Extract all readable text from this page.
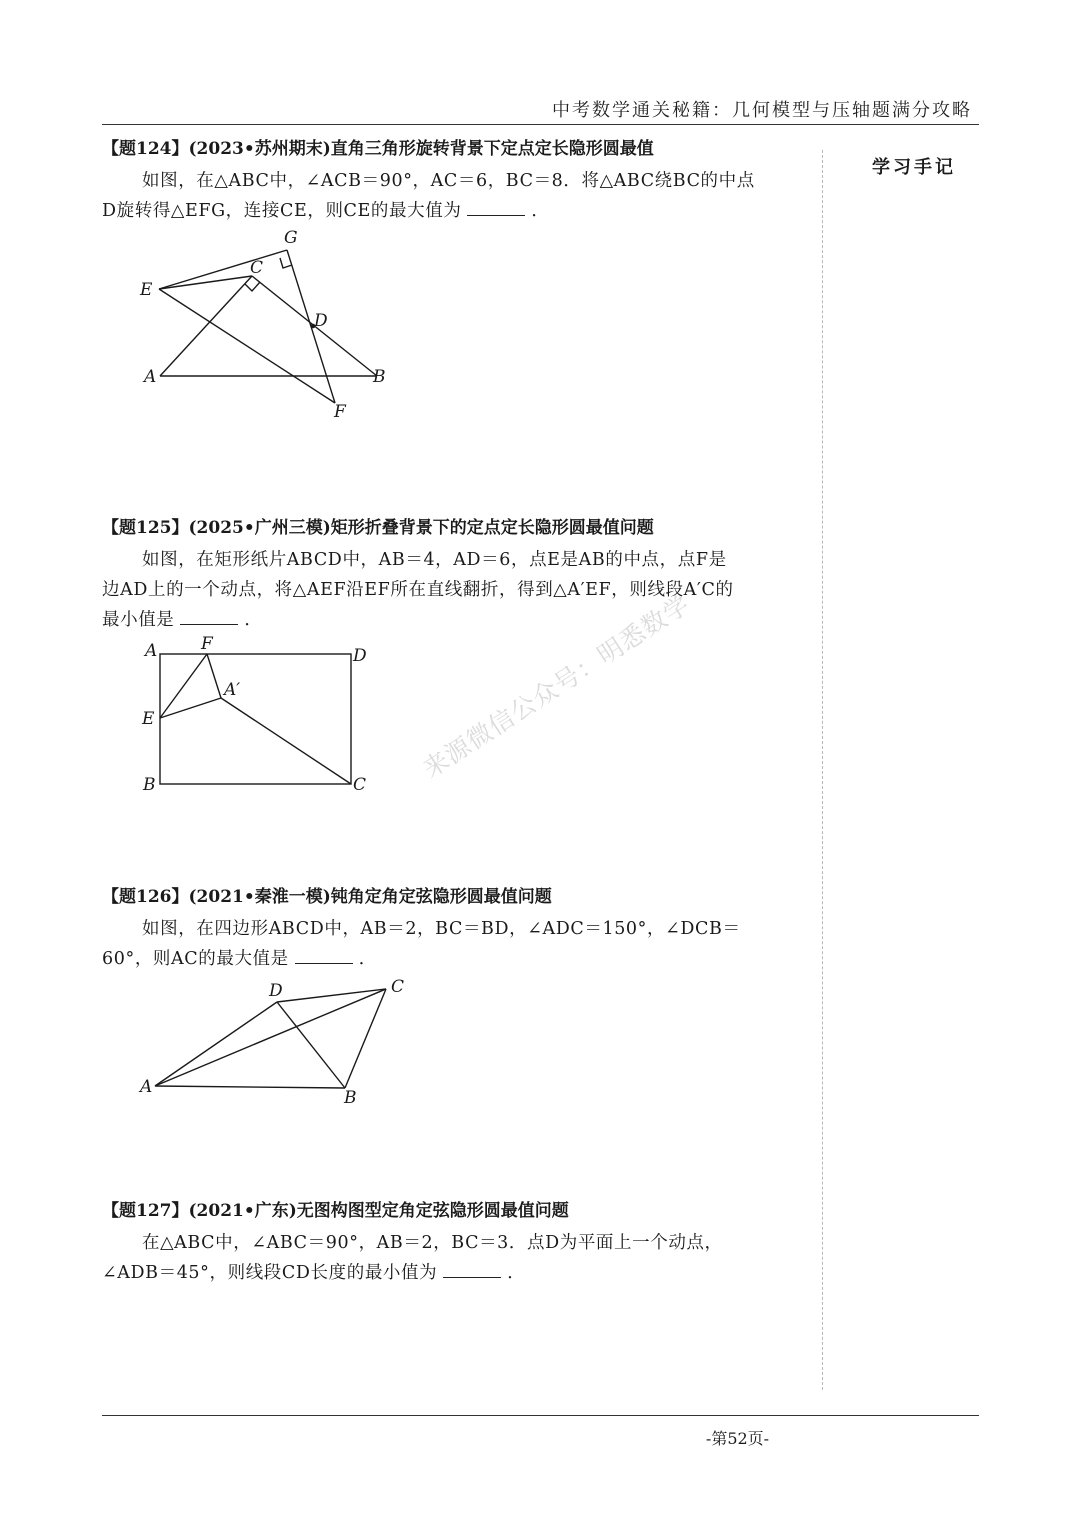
中考数学通关秘籍：几何模型与压轴题满分攻略
学习手记
【题124】(2023•苏州期末)直角三角形旋转背景下定点定长隐形圆最值
如图，在△ABC中，∠ACB＝90°，AC＝6，BC＝8．将△ABC绕BC的中点
D旋转得△EFG，连接CE，则CE的最大值为	．
G
C
E
D
A	B
F
【题125】(2025•广州三模)矩形折叠背景下的定点定长隐形圆最值问题
如图，在矩形纸片ABCD中，AB＝4，AD＝6，点E是AB的中点，点F是
边AD上的一个动点，将△AEF沿EF所在直线翻折，得到△A′EF，则线段A′C的
最小值是	．
A	F
D
A′
E
B	C
来源微信公众号：明悉数学
【题126】(2021•秦淮一模)钝角定角定弦隐形圆最值问题
如图，在四边形ABCD中，AB＝2，BC＝BD，∠ADC＝150°，∠DCB＝
60°，则AC的最大值是	．
D	C
A
B
【题127】(2021•广东)无图构图型定角定弦隐形圆最值问题
在△ABC中，∠ABC＝90°，AB＝2，BC＝3．点D为平面上一个动点，
∠ADB＝45°，则线段CD长度的最小值为	．
-第52页-
